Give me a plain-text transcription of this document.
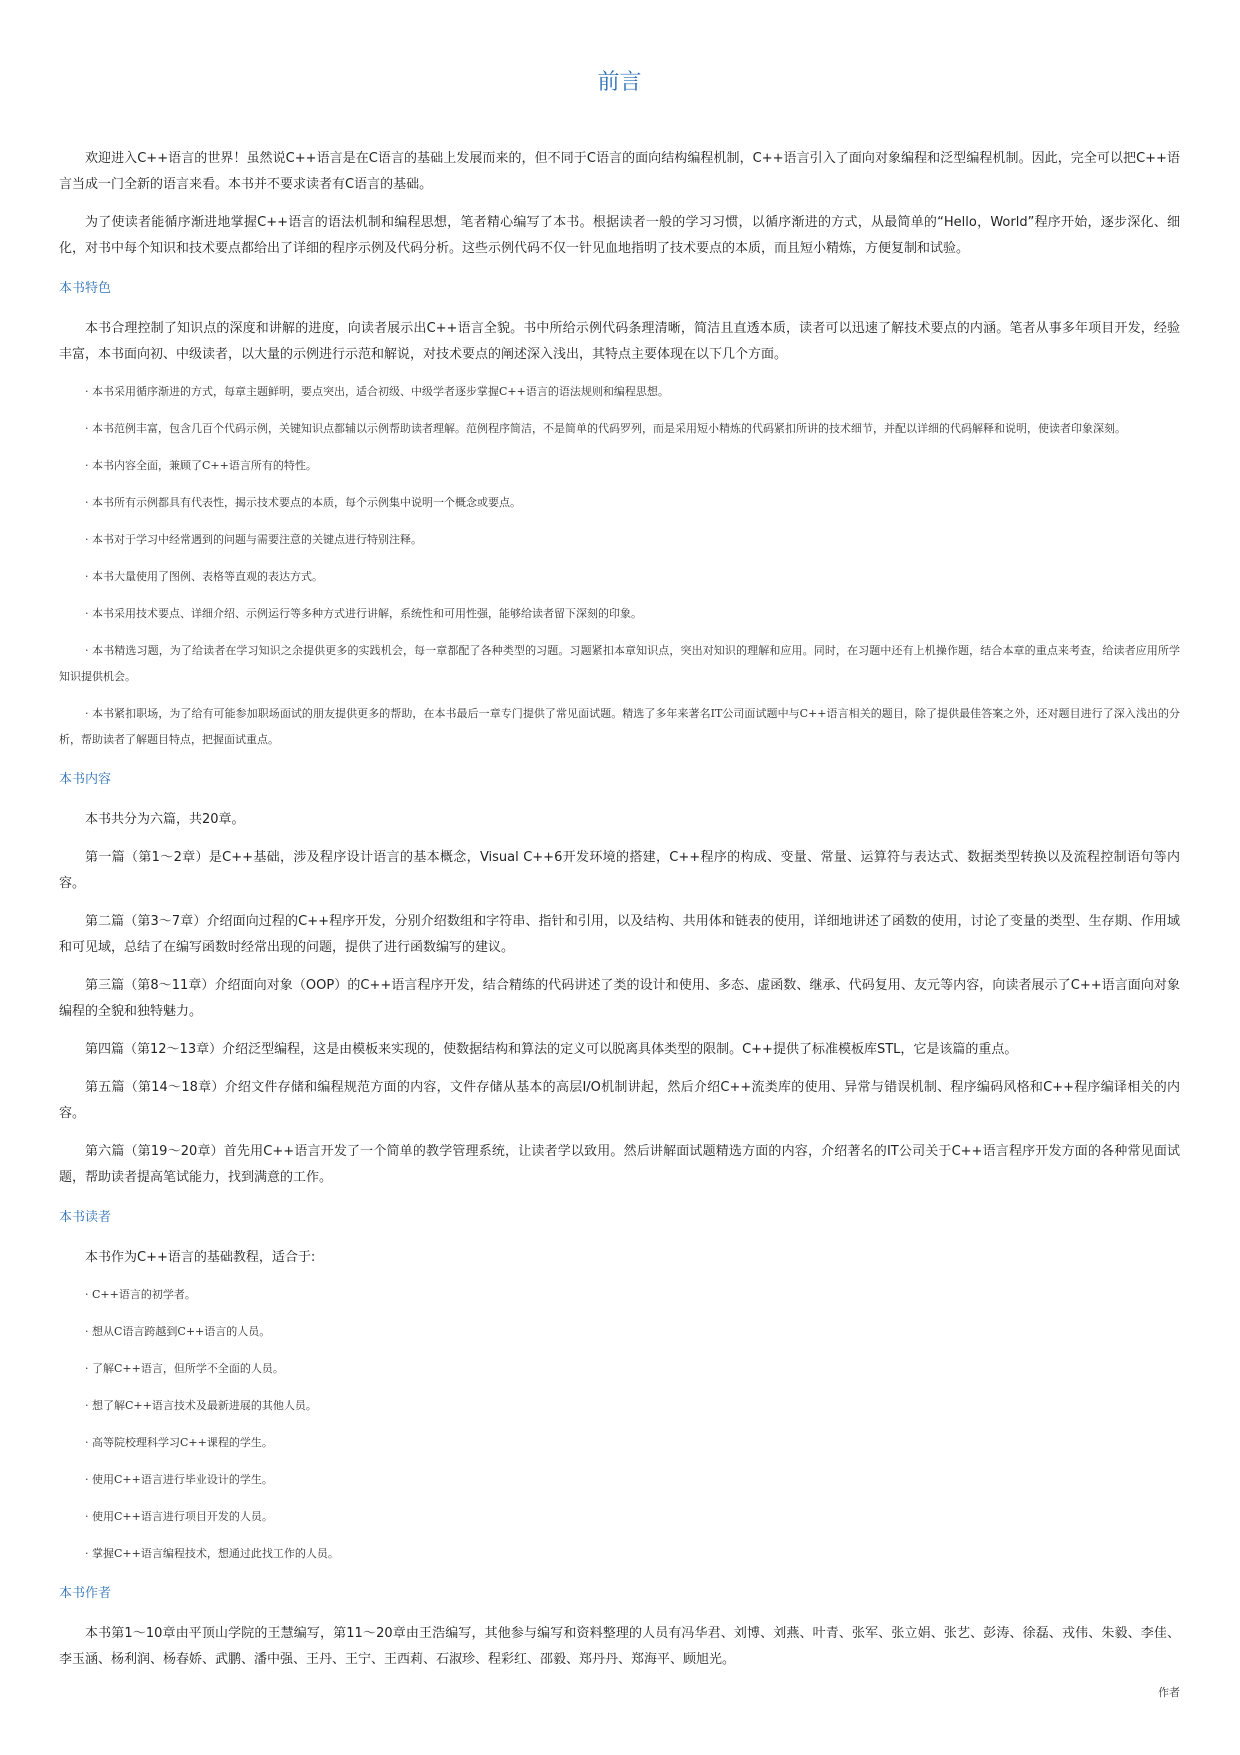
前言

欢迎进入C++语言的世界！虽然说C++语言是在C语言的基础上发展而来的，但不同于C语言的面向结构编程机制，C++语言引入了面向对象编程和泛型编程机制。因此，完全可以把C++语言当成一门全新的语言来看。本书并不要求读者有C语言的基础。

为了使读者能循序渐进地掌握C++语言的语法机制和编程思想，笔者精心编写了本书。根据读者一般的学习习惯，以循序渐进的方式，从最简单的“Hello，World”程序开始，逐步深化、细化，对书中每个知识和技术要点都给出了详细的程序示例及代码分析。这些示例代码不仅一针见血地指明了技术要点的本质，而且短小精炼，方便复制和试验。

本书特色

本书合理控制了知识点的深度和讲解的进度，向读者展示出C++语言全貌。书中所给示例代码条理清晰，简洁且直透本质，读者可以迅速了解技术要点的内涵。笔者从事多年项目开发，经验丰富，本书面向初、中级读者，以大量的示例进行示范和解说，对技术要点的阐述深入浅出，其特点主要体现在以下几个方面。

· 本书采用循序渐进的方式，每章主题鲜明，要点突出，适合初级、中级学者逐步掌握C++语言的语法规则和编程思想。

· 本书范例丰富，包含几百个代码示例，关键知识点都辅以示例帮助读者理解。范例程序简洁，不是简单的代码罗列，而是采用短小精炼的代码紧扣所讲的技术细节，并配以详细的代码解释和说明，使读者印象深刻。

· 本书内容全面，兼顾了C++语言所有的特性。

· 本书所有示例都具有代表性，揭示技术要点的本质，每个示例集中说明一个概念或要点。

· 本书对于学习中经常遇到的问题与需要注意的关键点进行特别注释。

· 本书大量使用了图例、表格等直观的表达方式。

· 本书采用技术要点、详细介绍、示例运行等多种方式进行讲解，系统性和可用性强，能够给读者留下深刻的印象。

· 本书精选习题，为了给读者在学习知识之余提供更多的实践机会，每一章都配了各种类型的习题。习题紧扣本章知识点，突出对知识的理解和应用。同时，在习题中还有上机操作题，结合本章的重点来考查，给读者应用所学知识提供机会。

· 本书紧扣职场，为了给有可能参加职场面试的朋友提供更多的帮助，在本书最后一章专门提供了常见面试题。精选了多年来著名IT公司面试题中与C++语言相关的题目，除了提供最佳答案之外，还对题目进行了深入浅出的分析，帮助读者了解题目特点，把握面试重点。

本书内容

本书共分为六篇，共20章。

第一篇（第1～2章）是C++基础，涉及程序设计语言的基本概念，Visual C++6开发环境的搭建，C++程序的构成、变量、常量、运算符与表达式、数据类型转换以及流程控制语句等内容。

第二篇（第3～7章）介绍面向过程的C++程序开发，分别介绍数组和字符串、指针和引用，以及结构、共用体和链表的使用，详细地讲述了函数的使用，讨论了变量的类型、生存期、作用域和可见域，总结了在编写函数时经常出现的问题，提供了进行函数编写的建议。

第三篇（第8～11章）介绍面向对象（OOP）的C++语言程序开发，结合精练的代码讲述了类的设计和使用、多态、虚函数、继承、代码复用、友元等内容，向读者展示了C++语言面向对象编程的全貌和独特魅力。

第四篇（第12～13章）介绍泛型编程，这是由模板来实现的，使数据结构和算法的定义可以脱离具体类型的限制。C++提供了标准模板库STL，它是该篇的重点。

第五篇（第14～18章）介绍文件存储和编程规范方面的内容，文件存储从基本的高层I/O机制讲起，然后介绍C++流类库的使用、异常与错误机制、程序编码风格和C++程序编译相关的内容。

第六篇（第19～20章）首先用C++语言开发了一个简单的教学管理系统，让读者学以致用。然后讲解面试题精选方面的内容，介绍著名的IT公司关于C++语言程序开发方面的各种常见面试题，帮助读者提高笔试能力，找到满意的工作。

本书读者

本书作为C++语言的基础教程，适合于:

· C++语言的初学者。

· 想从C语言跨越到C++语言的人员。

· 了解C++语言，但所学不全面的人员。

· 想了解C++语言技术及最新进展的其他人员。

· 高等院校理科学习C++课程的学生。

· 使用C++语言进行毕业设计的学生。

· 使用C++语言进行项目开发的人员。

· 掌握C++语言编程技术，想通过此找工作的人员。

本书作者

本书第1～10章由平顶山学院的王慧编写，第11～20章由王浩编写，其他参与编写和资料整理的人员有冯华君、刘博、刘燕、叶青、张军、张立娟、张艺、彭涛、徐磊、戎伟、朱毅、李佳、李玉涵、杨利润、杨春娇、武鹏、潘中强、王丹、王宁、王西莉、石淑珍、程彩红、邵毅、郑丹丹、郑海平、顾旭光。

作者
